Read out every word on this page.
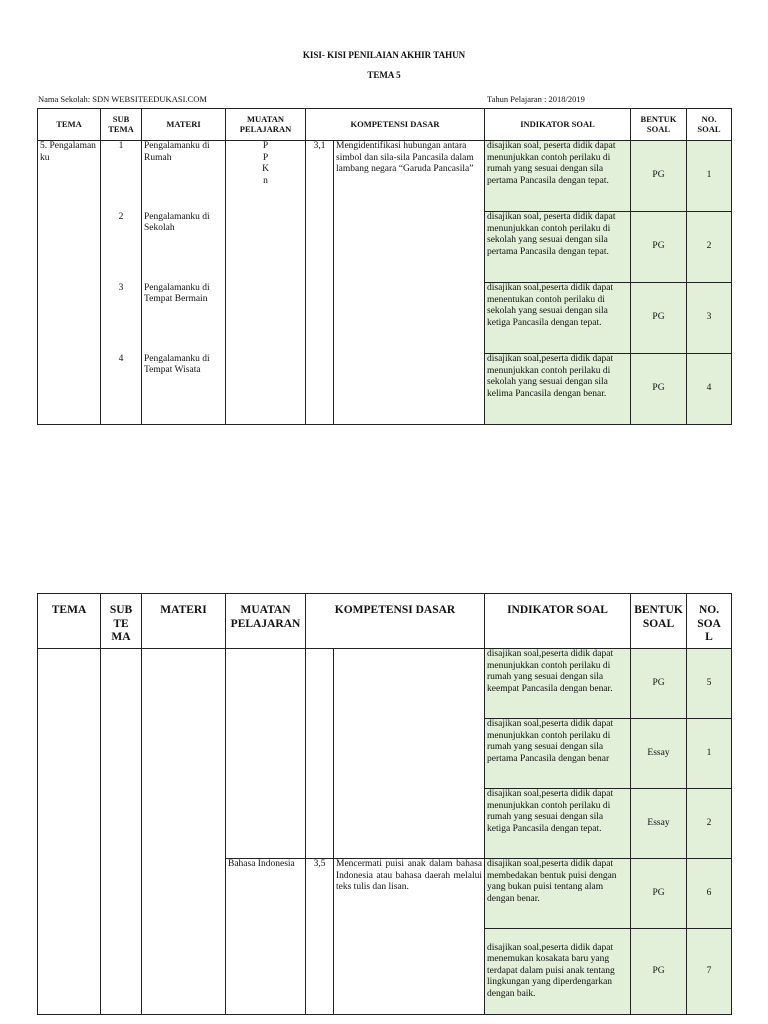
KISI- KISI PENILAIAN AKHIR TAHUN
TEMA 5
Nama Sekolah: SDN WEBSITEEDUKASI.COM	Tahun Pelajaran : 2018/2019
TEMA	SUB TEMA	MATERI	MUATAN PELAJARAN	KOMPETENSI DASAR		INDIKATOR SOAL	BENTUK SOAL	NO. SOAL
5. Pengalamanku	1	Pengalamanku di Rumah	PPKn	3,1	Mengidentifikasi hubungan antara simbol dan sila-sila Pancasila dalam lambang negara “Garuda Pancasila”	disajikan soal, peserta didik dapat menunjukkan contoh perilaku di rumah yang sesuai dengan sila pertama Pancasila dengan tepat.	PG	1
	2	Pengalamanku di Sekolah				disajikan soal, peserta didik dapat menunjukkan contoh perilaku di sekolah yang sesuai dengan sila pertama Pancasila dengan tepat.	PG	2
	3	Pengalamanku di Tempat Bermain				disajikan soal,peserta didik dapat menentukan contoh perilaku di sekolah yang sesuai dengan sila ketiga Pancasila dengan tepat.	PG	3
	4	Pengalamanku di Tempat Wisata				disajikan soal,peserta didik dapat menunjukkan contoh perilaku di sekolah yang sesuai dengan sila kelima Pancasila dengan benar.	PG	4
TEMA	SUB TEMA	MATERI	MUATAN PELAJARAN	KOMPETENSI DASAR		INDIKATOR SOAL	BENTUK SOAL	NO. SOAL
						disajikan soal,peserta didik dapat menunjukkan contoh perilaku di rumah yang sesuai dengan sila keempat Pancasila dengan benar.	PG	5
						disajikan soal,peserta didik dapat menunjukkan contoh perilaku di rumah yang sesuai dengan sila pertama Pancasila dengan benar	Essay	1
						disajikan soal,peserta didik dapat menunjukkan contoh perilaku di rumah yang sesuai dengan sila ketiga Pancasila dengan tepat.	Essay	2
			Bahasa Indonesia	3,5	Mencermati puisi anak dalam bahasa Indonesia atau bahasa daerah melalui teks tulis dan lisan.	disajikan soal,peserta didik dapat membedakan bentuk puisi dengan yang bukan puisi tentang alam dengan benar.	PG	6
						disajikan soal,peserta didik dapat menemukan kosakata baru yang terdapat dalam puisi anak tentang lingkungan yang diperdengarkan dengan baik.	PG	7
